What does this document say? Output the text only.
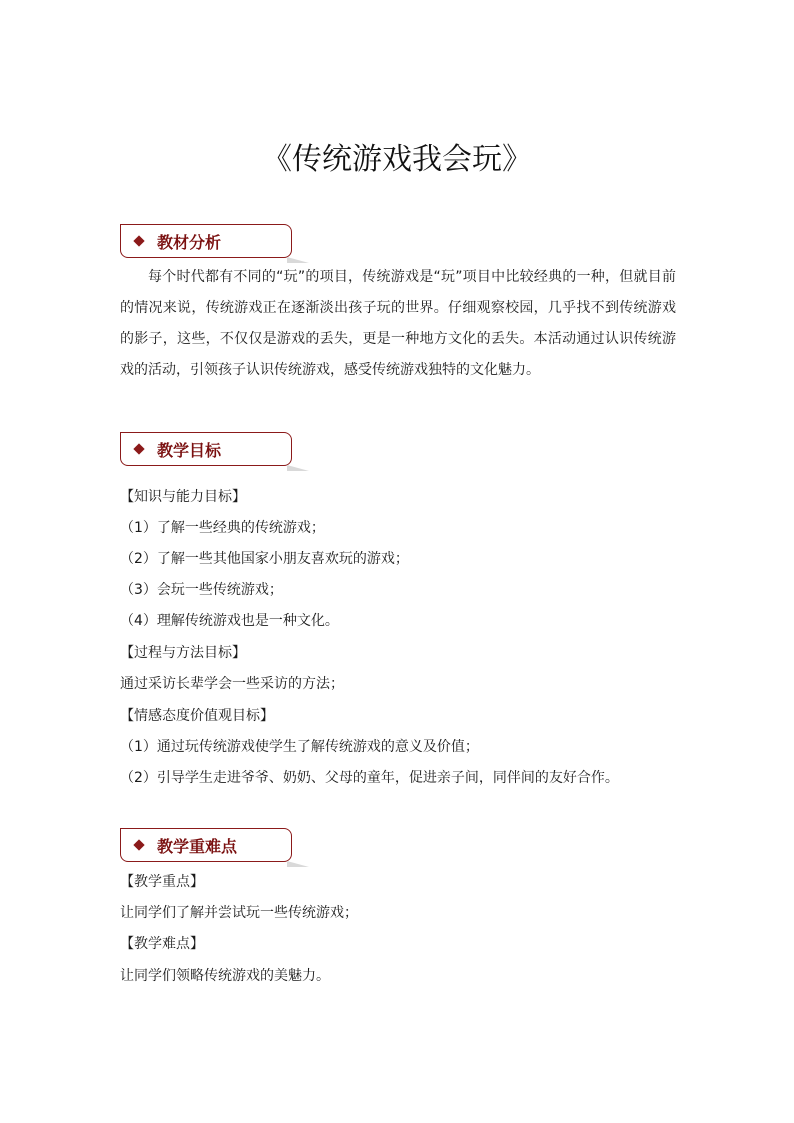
《传统游戏我会玩》
教材分析
每个时代都有不同的“玩”的项目，传统游戏是“玩”项目中比较经典的一种，但就目前的情况来说，传统游戏正在逐渐淡出孩子玩的世界。仔细观察校园，几乎找不到传统游戏的影子，这些，不仅仅是游戏的丢失，更是一种地方文化的丢失。本活动通过认识传统游戏的活动，引领孩子认识传统游戏，感受传统游戏独特的文化魅力。
教学目标
【知识与能力目标】
（1）了解一些经典的传统游戏；
（2）了解一些其他国家小朋友喜欢玩的游戏；
（3）会玩一些传统游戏；
（4）理解传统游戏也是一种文化。
【过程与方法目标】
通过采访长辈学会一些采访的方法；
【情感态度价值观目标】
（1）通过玩传统游戏使学生了解传统游戏的意义及价值；
（2）引导学生走进爷爷、奶奶、父母的童年，促进亲子间，同伴间的友好合作。
教学重难点
【教学重点】
让同学们了解并尝试玩一些传统游戏；
【教学难点】
让同学们领略传统游戏的美魅力。
